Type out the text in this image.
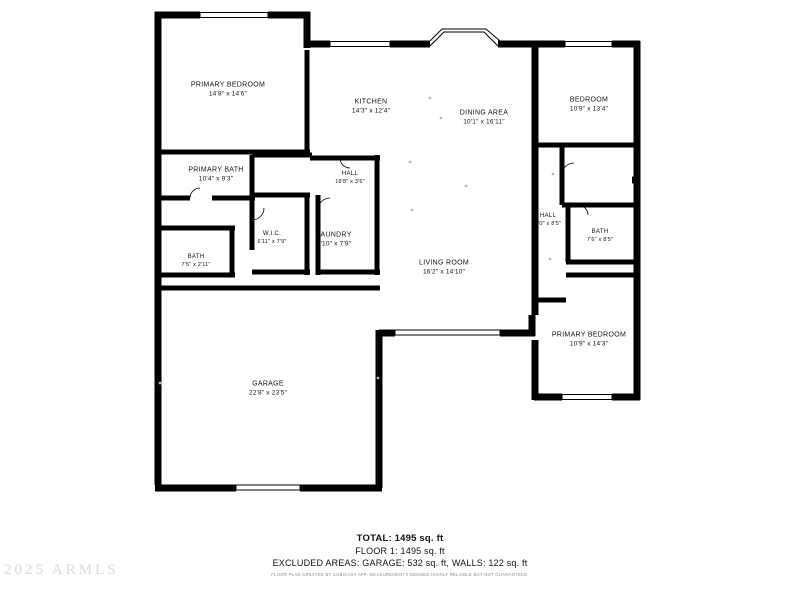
PRIMARY BEDROOM
14'8" x 14'6"
KITCHEN
14'3" x 12'4"	DINING AREA
10'1" x 16'11"
BEDROOM
10'9" x 13'4"
PRIMARY BATH
10'4" x 9'3"
HALL
18'8" x 3'6"
HALL
3'0" x 8'5"
BATH
7'6" x 8'5"
W.I.C.
6'11" x 7'9"
LAUNDRY
7'10" x 7'9"
BATH
7'5" x 2'11"	LIVING ROOM
16'2" x 14'10"
PRIMARY BEDROOM
10'9" x 14'3"
GARAGE
22'8" x 23'5"
TOTAL: 1495 sq. ft
FLOOR 1: 1495 sq. ft
EXCLUDED AREAS: GARAGE: 532 sq. ft, WALLS: 122 sq. ft
FLOOR PLAN CREATED BY CUBICASA APP. MEASUREMENTS DEEMED HIGHLY RELIABLE BUT NOT GUARANTEED.
2025 ARMLS
